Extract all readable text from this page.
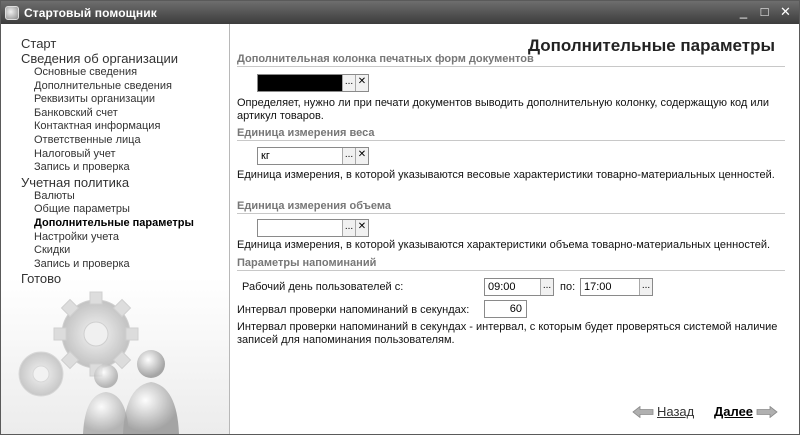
Стартовый помощник	_	□ ✕
Старт
Сведения об организации
Основные сведения
Дополнительные сведения
Реквизиты организации
Банковский счет
Контактная информация
Ответственные лица
Налоговый учет
Запись и проверка
Учетная политика
Валюты
Общие параметры
Дополнительные параметры
Настройки учета
Скидки
Запись и проверка
Готово
Дополнительные параметры
Дополнительная колонка печатных форм документов
... ✕
Определяет, нужно ли при печати документов выводить дополнительную колонку, содержащую код или артикул товаров.
Единица измерения веса
кг	... ✕
Единица измерения, в которой указываются весовые характеристики товарно-материальных ценностей.
Единица измерения объема
... ✕
Единица измерения, в которой указываются характеристики объема товарно-материальных ценностей.
Параметры напоминаний
Рабочий день пользователей с:	09:00	... по: 17:00	...
Интервал проверки напоминаний в секундах:	60
Интервал проверки напоминаний в секундах - интервал, с которым будет проверяться системой наличие записей для напоминания пользователям.
Назад Далее
